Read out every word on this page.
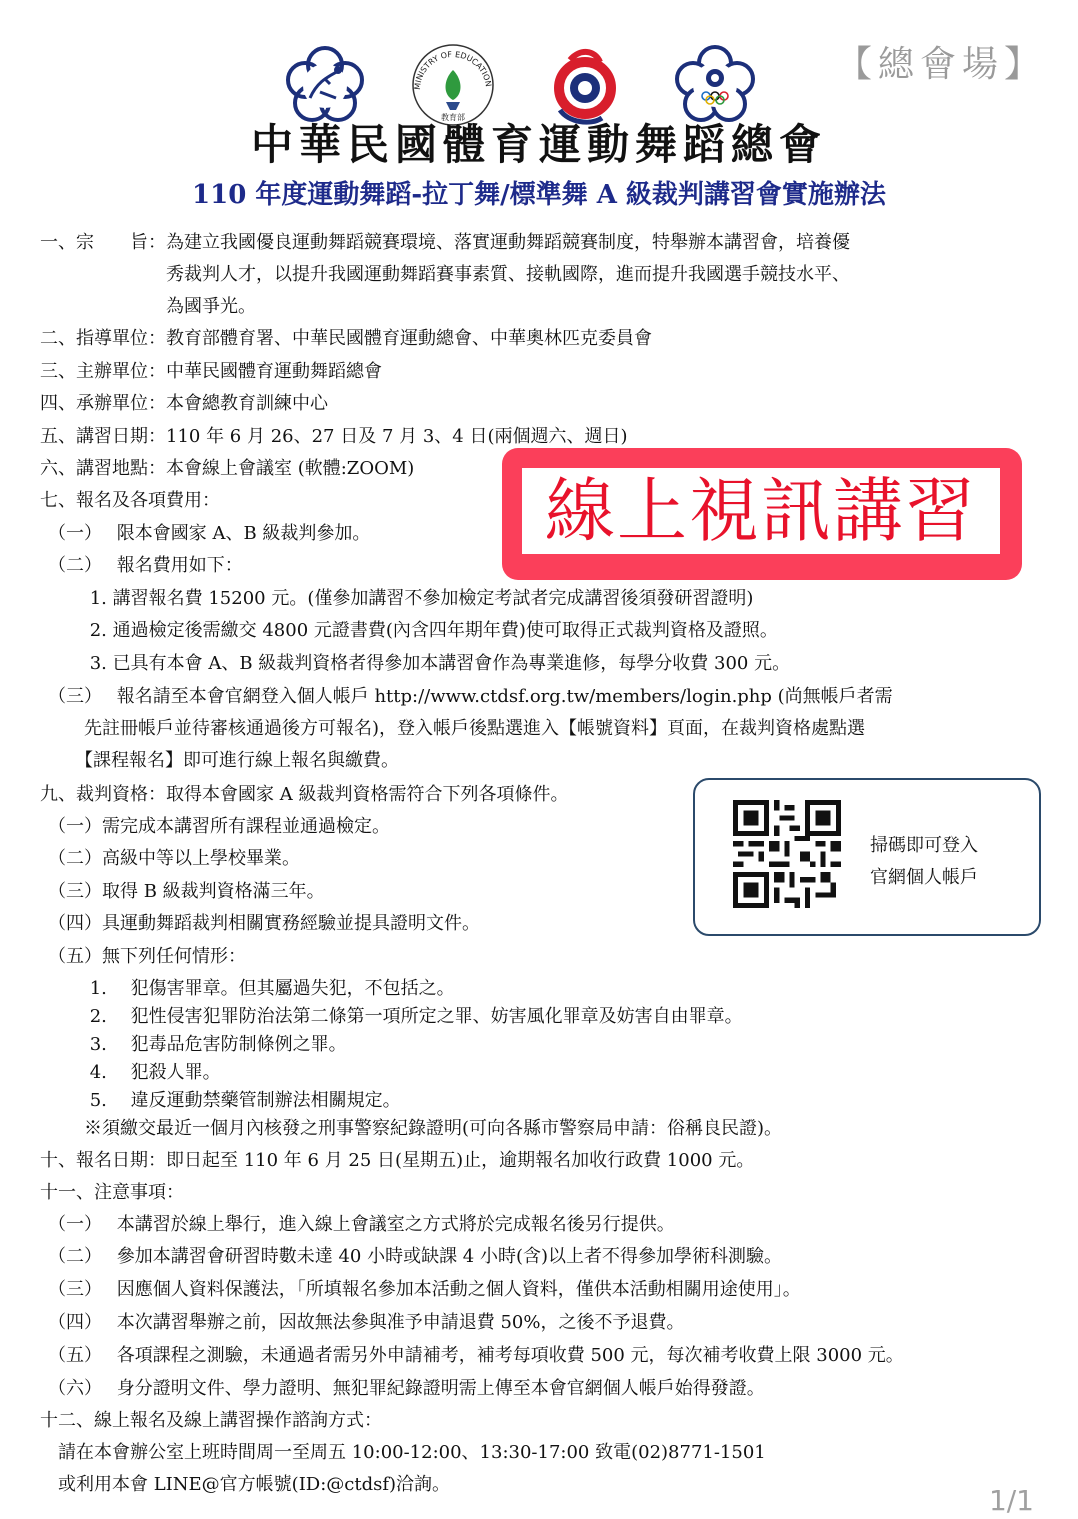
MINISTRY OF EDUCATION
教育部
【總會場】
中華民國體育運動舞蹈總會
110 年度運動舞蹈-拉丁舞/標準舞 A 級裁判講習會實施辦法
一、宗　　旨：為建立我國優良運動舞蹈競賽環境、落實運動舞蹈競賽制度，特舉辦本講習會，培養優
　　　　　　　秀裁判人才，以提升我國運動舞蹈賽事素質、接軌國際，進而提升我國選手競技水平、
　　　　　　　為國爭光。
二、指導單位：教育部體育署、中華民國體育運動總會、中華奧林匹克委員會
三、主辦單位：中華民國體育運動舞蹈總會
四、承辦單位：本會總教育訓練中心
五、講習日期：110 年 6 月 26、27 日及 7 月 3、4 日(兩個週六、週日)
六、講習地點：本會線上會議室 (軟體:ZOOM)
七、報名及各項費用：
（一）　 限本會國家 A、B 級裁判參加。
（二）　 報名費用如下：
　　 1. 講習報名費 15200 元。(僅參加講習不參加檢定考試者完成講習後須發研習證明)
　　 2. 通過檢定後需繳交 4800 元證書費(內含四年期年費)使可取得正式裁判資格及證照。
　　 3. 已具有本會 A、B 級裁判資格者得參加本講習會作為專業進修，每學分收費 300 元。
（三）　 報名請至本會官網登入個人帳戶 http://www.ctdsf.org.tw/members/login.php (尚無帳戶者需
　　先註冊帳戶並待審核通過後方可報名)，登入帳戶後點選進入【帳號資料】頁面，在裁判資格處點選
　　【課程報名】即可進行線上報名與繳費。
九、裁判資格：取得本會國家 A 級裁判資格需符合下列各項條件。
（一）需完成本講習所有課程並通過檢定。
（二）高級中等以上學校畢業。
（三）取得 B 級裁判資格滿三年。
（四）具運動舞蹈裁判相關實務經驗並提具證明文件。
（五）無下列任何情形：
　　 1.　 犯傷害罪章。但其屬過失犯，不包括之。
　　 2.　 犯性侵害犯罪防治法第二條第一項所定之罪、妨害風化罪章及妨害自由罪章。
　　 3.　 犯毒品危害防制條例之罪。
　　 4.　 犯殺人罪。
　　 5.　 違反運動禁藥管制辦法相關規定。
　　※須繳交最近一個月內核發之刑事警察紀錄證明(可向各縣市警察局申請：俗稱良民證)。
十、報名日期：即日起至 110 年 6 月 25 日(星期五)止，逾期報名加收行政費 1000 元。
十一、注意事項：
（一）　 本講習於線上舉行，進入線上會議室之方式將於完成報名後另行提供。
（二）　 參加本講習會研習時數未達 40 小時或缺課 4 小時(含)以上者不得參加學術科測驗。
（三）　 因應個人資料保護法，「所填報名參加本活動之個人資料，僅供本活動相關用途使用」。
（四）　 本次講習舉辦之前，因故無法參與准予申請退費 50%，之後不予退費。
（五）　 各項課程之測驗，未通過者需另外申請補考，補考每項收費 500 元，每次補考收費上限 3000 元。
（六）　 身分證明文件、學力證明、無犯罪紀錄證明需上傳至本會官網個人帳戶始得發證。
十二、線上報名及線上講習操作諮詢方式：
　請在本會辦公室上班時間周一至周五 10:00-12:00、13:30-17:00 致電(02)8771-1501
　或利用本會 LINE@官方帳號(ID:@ctdsf)洽詢。
線上視訊講習
掃碼即可登入
官網個人帳戶
1/1
